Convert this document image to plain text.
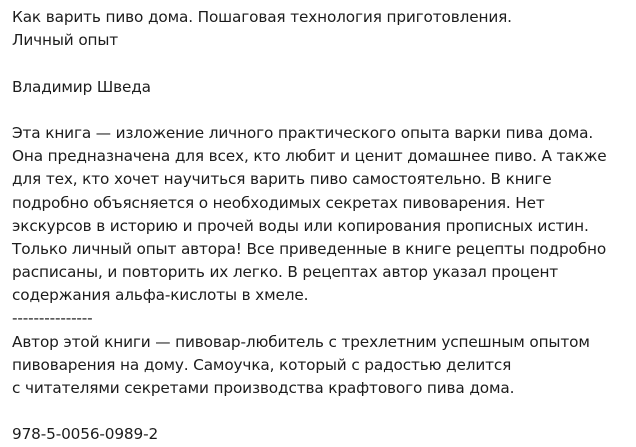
Как варить пиво дома. Пошаговая технология приготовления.
Личный опыт
Владимир Шведа
Эта книга — изложение личного практического опыта варки пива дома.
Она предназначена для всех, кто любит и ценит домашнее пиво. А также
для тех, кто хочет научиться варить пиво самостоятельно. В книге
подробно объясняется о необходимых секретах пивоварения. Нет
экскурсов в историю и прочей воды или копирования прописных истин.
Только личный опыт автора! Все приведенные в книге рецепты подробно
расписаны, и повторить их легко. В рецептах автор указал процент
содержания альфа-кислоты в хмеле.
---------------
Автор этой книги — пивовар-любитель с трехлетним успешным опытом
пивоварения на дому. Самоучка, который с радостью делится
с читателями секретами производства крафтового пива дома.
978-5-0056-0989-2
